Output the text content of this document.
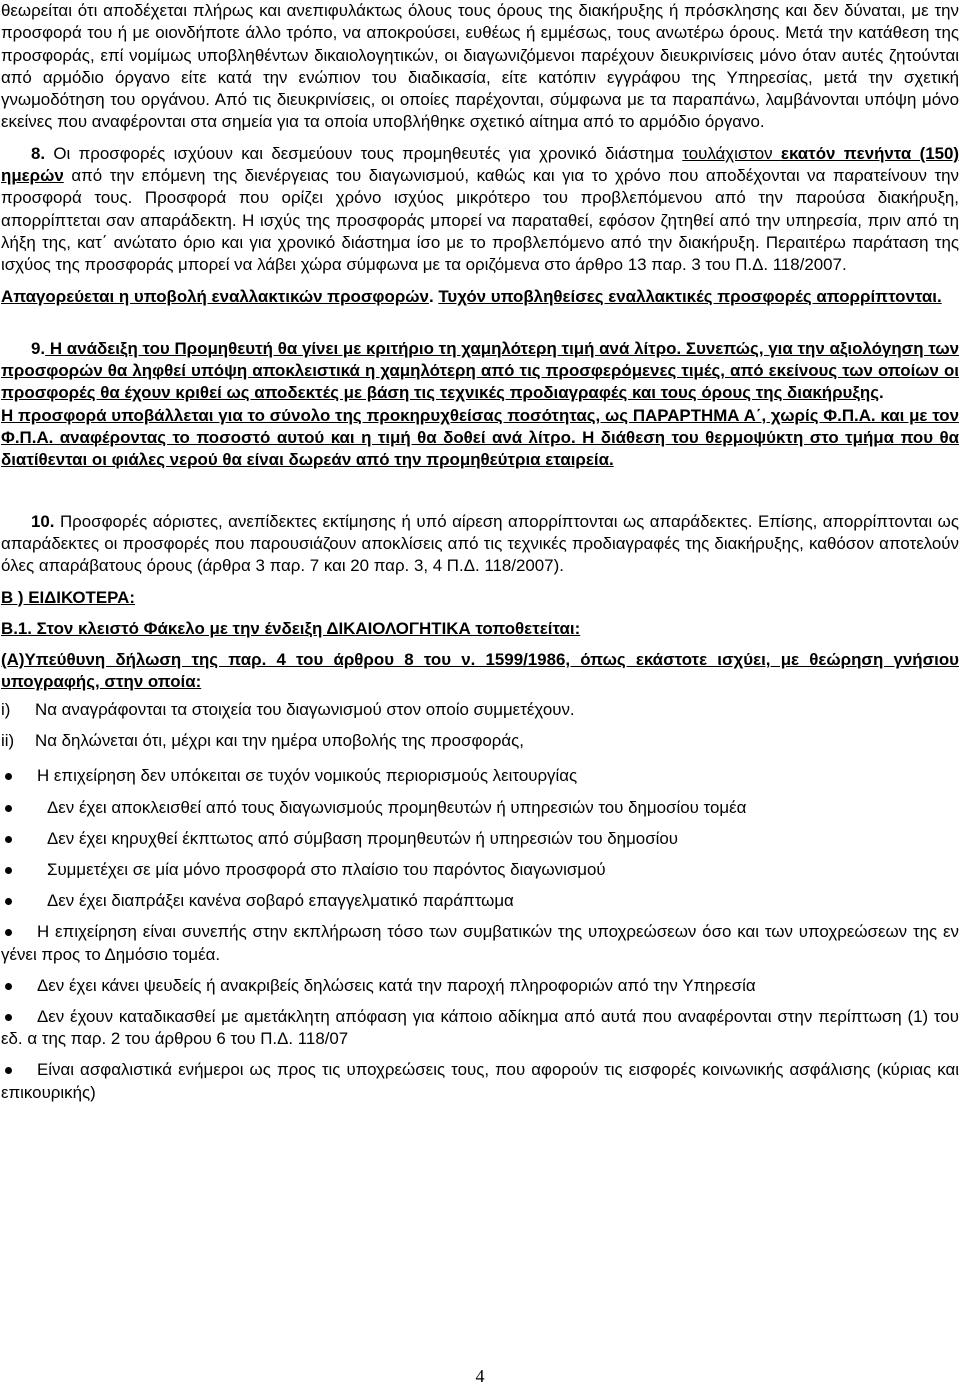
θεωρείται ότι αποδέχεται πλήρως και ανεπιφυλάκτως όλους τους όρους της διακήρυξης ή πρόσκλησης και δεν δύναται, με την προσφορά του ή με οιονδήποτε άλλο τρόπο, να αποκρούσει, ευθέως ή εμμέσως, τους ανωτέρω όρους. Μετά την κατάθεση της προσφοράς, επί νομίμως υποβληθέντων δικαιολογητικών, οι διαγωνιζόμενοι παρέχουν διευκρινίσεις μόνο όταν αυτές ζητούνται από αρμόδιο όργανο είτε κατά την ενώπιον του διαδικασία, είτε κατόπιν εγγράφου της Υπηρεσίας, μετά την σχετική γνωμοδότηση του οργάνου. Από τις διευκρινίσεις, οι οποίες παρέχονται, σύμφωνα με τα παραπάνω, λαμβάνονται υπόψη μόνο εκείνες που αναφέρονται στα σημεία για τα οποία υποβλήθηκε σχετικό αίτημα από το αρμόδιο όργανο.

8. Οι προσφορές ισχύουν και δεσμεύουν τους προμηθευτές για χρονικό διάστημα τουλάχιστον εκατόν πενήντα (150) ημερών από την επόμενη της διενέργειας του διαγωνισμού, καθώς και για το χρόνο που αποδέχονται να παρατείνουν την προσφορά τους. Προσφορά που ορίζει χρόνο ισχύος μικρότερο του προβλεπόμενου από την παρούσα διακήρυξη, απορρίπτεται σαν απαράδεκτη. Η ισχύς της προσφοράς μπορεί να παραταθεί, εφόσον ζητηθεί από την υπηρεσία, πριν από τη λήξη της, κατ΄ ανώτατο όριο και για χρονικό διάστημα ίσο με το προβλεπόμενο από την διακήρυξη. Περαιτέρω παράταση της ισχύος της προσφοράς μπορεί να λάβει χώρα σύμφωνα με τα οριζόμενα στο άρθρο 13 παρ. 3 του Π.Δ. 118/2007.

Απαγορεύεται η υποβολή εναλλακτικών προσφορών. Τυχόν υποβληθείσες εναλλακτικές προσφορές απορρίπτονται.

9. Η ανάδειξη του Προμηθευτή θα γίνει με κριτήριο τη χαμηλότερη τιμή ανά λίτρο. Συνεπώς, για την αξιολόγηση των προσφορών θα ληφθεί υπόψη αποκλειστικά η χαμηλότερη από τις προσφερόμενες τιμές, από εκείνους των οποίων οι προσφορές θα έχουν κριθεί ως αποδεκτές με βάση τις τεχνικές προδιαγραφές και τους όρους της διακήρυξης.

Η προσφορά υποβάλλεται για το σύνολο της προκηρυχθείσας ποσότητας, ως ΠΑΡΑΡΤΗΜΑ Α΄, χωρίς Φ.Π.Α. και με τον Φ.Π.Α. αναφέροντας το ποσοστό αυτού και η τιμή θα δοθεί ανά λίτρο. Η διάθεση του θερμοψύκτη στο τμήμα που θα διατίθενται οι φιάλες νερού θα είναι δωρεάν από την προμηθεύτρια εταιρεία.

10. Προσφορές αόριστες, ανεπίδεκτες εκτίμησης ή υπό αίρεση απορρίπτονται ως απαράδεκτες. Επίσης, απορρίπτονται ως απαράδεκτες οι προσφορές που παρουσιάζουν αποκλίσεις από τις τεχνικές προδιαγραφές της διακήρυξης, καθόσον αποτελούν όλες απαράβατους όρους (άρθρα 3 παρ. 7 και 20 παρ. 3, 4 Π.Δ. 118/2007).

Β ) ΕΙΔΙΚΟΤΕΡΑ:

Β.1. Στον κλειστό Φάκελο με την ένδειξη ΔΙΚΑΙΟΛΟΓΗΤΙΚΑ τοποθετείται:

(Α)Υπεύθυνη δήλωση της παρ. 4 του άρθρου 8 του ν. 1599/1986, όπως εκάστοτε ισχύει, με θεώρηση γνήσιου υπογραφής, στην οποία:

i)	Να αναγράφονται τα στοιχεία του διαγωνισμού στον οποίο συμμετέχουν.

ii)	Να δηλώνεται ότι, μέχρι και την ημέρα υποβολής της προσφοράς,

Η επιχείρηση δεν υπόκειται σε τυχόν νομικούς περιορισμούς λειτουργίας
Δεν έχει αποκλεισθεί από τους διαγωνισμούς προμηθευτών ή υπηρεσιών του δημοσίου τομέα
Δεν έχει κηρυχθεί έκπτωτος από σύμβαση προμηθευτών ή υπηρεσιών του δημοσίου
Συμμετέχει σε μία μόνο προσφορά στο πλαίσιο του παρόντος διαγωνισμού
Δεν έχει διαπράξει κανένα σοβαρό επαγγελματικό παράπτωμα
Η επιχείρηση είναι συνεπής στην εκπλήρωση τόσο των συμβατικών της υποχρεώσεων όσο και των υποχρεώσεων της εν γένει προς το Δημόσιο τομέα.
Δεν έχει κάνει ψευδείς ή ανακριβείς δηλώσεις κατά την παροχή πληροφοριών από την Υπηρεσία
Δεν έχουν καταδικασθεί με αμετάκλητη απόφαση για κάποιο αδίκημα από αυτά που αναφέρονται στην περίπτωση (1) του εδ. α της παρ. 2 του άρθρου 6 του Π.Δ. 118/07
Είναι ασφαλιστικά ενήμεροι ως προς τις υποχρεώσεις τους, που αφορούν τις εισφορές κοινωνικής ασφάλισης (κύριας και επικουρικής)
4
